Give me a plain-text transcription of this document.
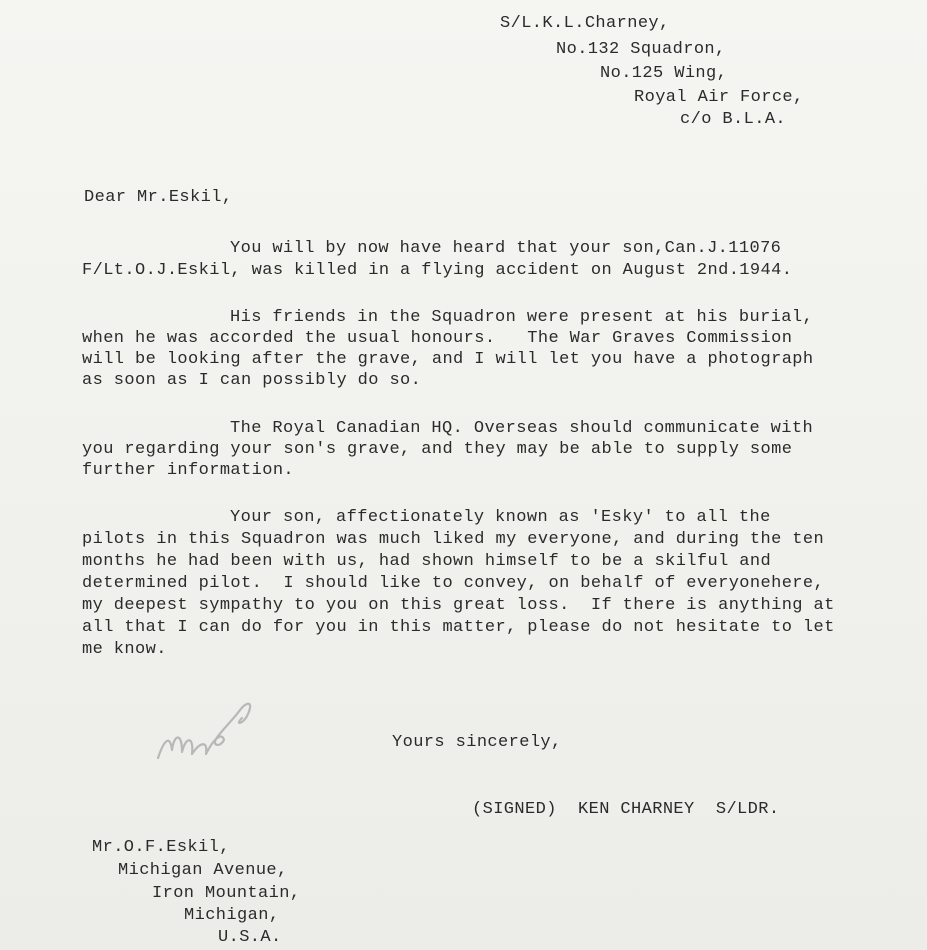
S/L.K.L.Charney,
No.132 Squadron,
No.125 Wing,
Royal Air Force,
c/o B.L.A.
Dear Mr.Eskil,
You will by now have heard that your son,Can.J.11076
F/Lt.O.J.Eskil, was killed in a flying accident on August 2nd.1944.
His friends in the Squadron were present at his burial,
when he was accorded the usual honours.   The War Graves Commission
will be looking after the grave, and I will let you have a photograph
as soon as I can possibly do so.
The Royal Canadian HQ. Overseas should communicate with
you regarding your son's grave, and they may be able to supply some
further information.
Your son, affectionately known as 'Esky' to all the
pilots in this Squadron was much liked my everyone, and during the ten
months he had been with us, had shown himself to be a skilful and
determined pilot.  I should like to convey, on behalf of everyonehere,
my deepest sympathy to you on this great loss.  If there is anything at
all that I can do for you in this matter, please do not hesitate to let
me know.
Yours sincerely,
(SIGNED)  KEN CHARNEY  S/LDR.
Mr.O.F.Eskil,
Michigan Avenue,
Iron Mountain,
Michigan,
U.S.A.
